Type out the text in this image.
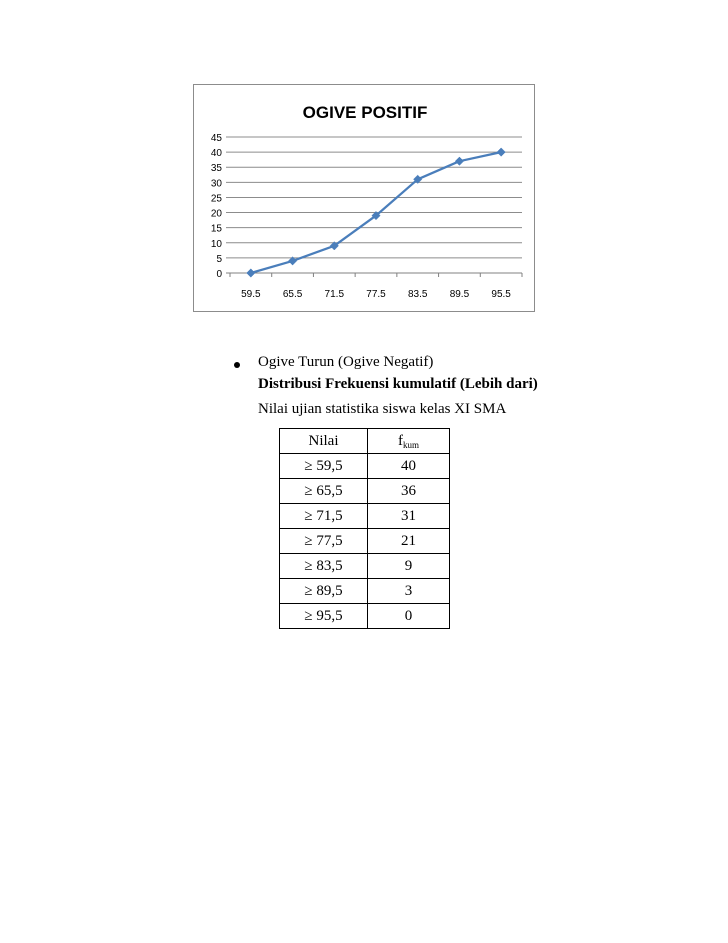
OGIVE POSITIF
0
5
10
15
20
25
30
35
40
45
59.5 65.5 71.5 77.5 83.5 89.5 95.5
Ogive Turun (Ogive Negatif)
Distribusi Frekuensi kumulatif (Lebih dari)
Nilai ujian statistika siswa kelas XI SMA
Nilai	$f_{kum}$
≥ 59,5	40
≥ 65,5	36
≥ 71,5	31
≥ 77,5	21
≥ 83,5	9
≥ 89,5	3
≥ 95,5	0
